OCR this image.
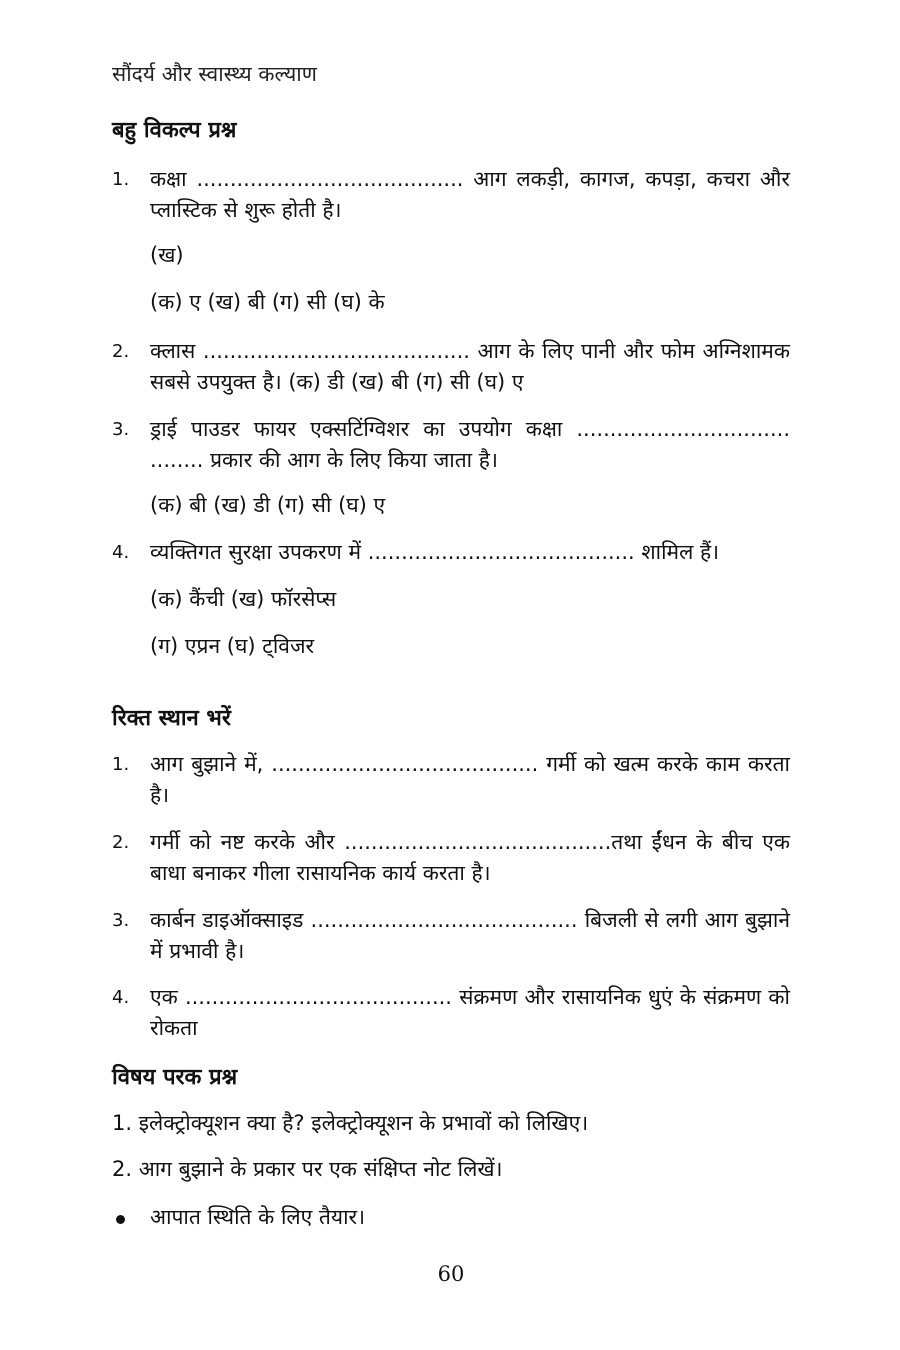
सौंदर्य और स्वास्थ्य कल्याण
बहु विकल्प प्रश्न
1. कक्षा ........................................ आग लकड़ी, कागज, कपड़ा, कचरा और प्लास्टिक से शुरू होती है।
(ख)
(क) ए (ख) बी (ग) सी (घ) के
2. क्लास ........................................ आग के लिए पानी और फोम अग्निशामक सबसे उपयुक्त है। (क) डी (ख) बी (ग) सी (घ) ए
3. ड्राई पाउडर फायर एक्सटिंग्विशर का उपयोग कक्षा ................................ ........ प्रकार की आग के लिए किया जाता है।
(क) बी (ख) डी (ग) सी (घ) ए
4. व्यक्तिगत सुरक्षा उपकरण में ........................................ शामिल हैं।
(क) कैंची (ख) फॉरसेप्स
(ग) एप्रन (घ) ट्विजर
रिक्त स्थान भरें
1. आग बुझाने में, ........................................ गर्मी को खत्म करके काम करता है।
2. गर्मी को नष्ट करके और ........................................तथा ईंधन के बीच एक बाधा बनाकर गीला रासायनिक कार्य करता है।
3. कार्बन डाइऑक्साइड ........................................ बिजली से लगी आग बुझाने में प्रभावी है।
4. एक ........................................ संक्रमण और रासायनिक धुएं के संक्रमण को रोकता
विषय परक प्रश्न
1. इलेक्ट्रोक्यूशन क्या है? इलेक्ट्रोक्यूशन के प्रभावों को लिखिए।
2. आग बुझाने के प्रकार पर एक संक्षिप्त नोट लिखें।
आपात स्थिति के लिए तैयार।
60
